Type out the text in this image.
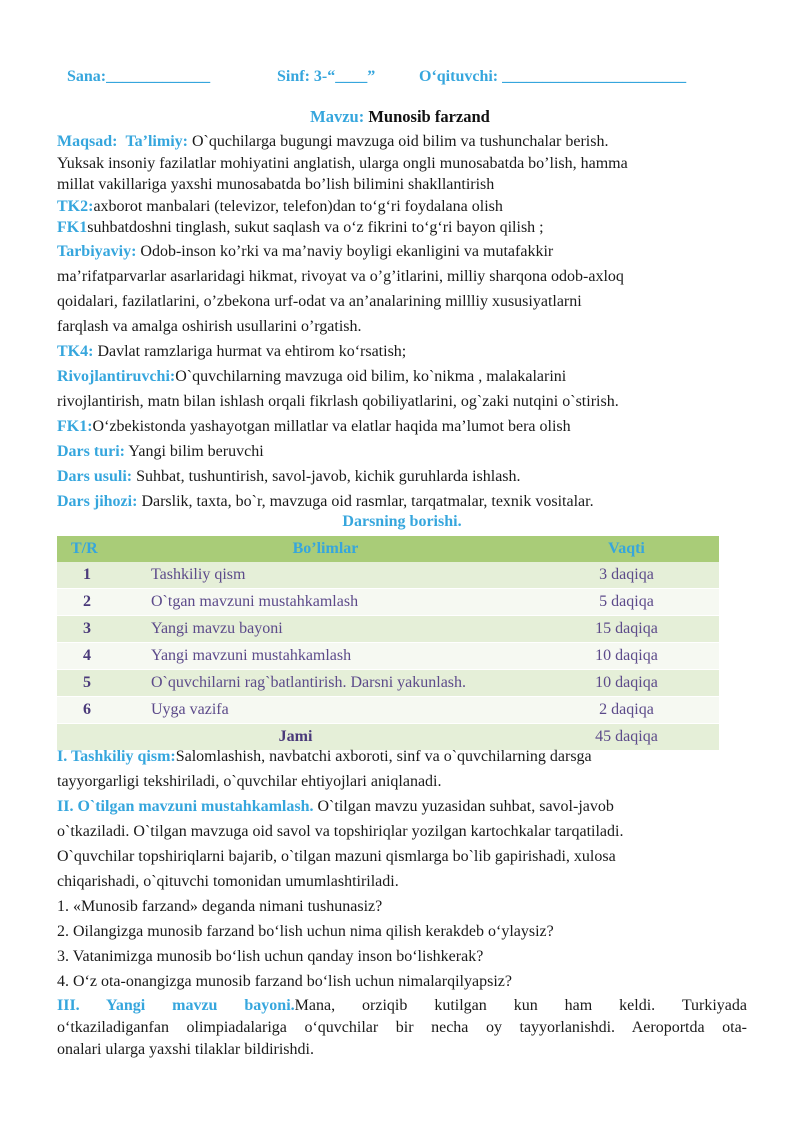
Sana:_____________	Sinf: 3-“____”	O‘qituvchi: _______________________
Mavzu: Munosib farzand
Maqsad: Ta’limiy: O`quchilarga bugungi mavzuga oid bilim va tushunchalar berish.
Yuksak insoniy fazilatlar mohiyatini anglatish, ularga ongli munosabatda bo’lish, hamma
millat vakillariga yaxshi munosabatda bo’lish bilimini shakllantirish
TK2:axborot manbalari (televizor, telefon)dan to‘g‘ri foydalana olish
FK1suhbatdoshni tinglash, sukut saqlash va o‘z fikrini to‘g‘ri bayon qilish ;
Tarbiyaviy: Odob-inson ko’rki va ma’naviy boyligi ekanligini va mutafakkir
ma’rifatparvarlar asarlaridagi hikmat, rivoyat va o’g’itlarini, milliy sharqona odob-axloq
qoidalari, fazilatlarini, o’zbekona urf-odat va an’analarining millliy xususiyatlarni
farqlash va amalga oshirish usullarini o’rgatish.
TK4: Davlat ramzlariga hurmat va ehtirom ko‘rsatish;
Rivojlantiruvchi:O`quvchilarning mavzuga oid bilim, ko`nikma , malakalarini
rivojlantirish, matn bilan ishlash orqali fikrlash qobiliyatlarini, og`zaki nutqini o`stirish.
FK1:O‘zbekistonda yashayotgan millatlar va elatlar haqida ma’lumot bera olish
Dars turi: Yangi bilim beruvchi
Dars usuli: Suhbat, tushuntirish, savol-javob, kichik guruhlarda ishlash.
Dars jihozi: Darslik, taxta, bo`r, mavzuga oid rasmlar, tarqatmalar, texnik vositalar.
Darsning borishi.
T/R	Bo’limlar	Vaqti
1	Tashkiliy qism	3 daqiqa
2	O`tgan mavzuni mustahkamlash	5 daqiqa
3	Yangi mavzu bayoni	15 daqiqa
4	Yangi mavzuni mustahkamlash	10 daqiqa
5	O`quvchilarni rag`batlantirish. Darsni yakunlash.	10 daqiqa
6	Uyga vazifa	2 daqiqa
Jami		45 daqiqa
I. Tashkiliy qism:Salomlashish, navbatchi axboroti, sinf va o`quvchilarning darsga
tayyorgarligi tekshiriladi, o`quvchilar ehtiyojlari aniqlanadi.
II. O`tilgan mavzuni mustahkamlash. O`tilgan mavzu yuzasidan suhbat, savol-javob
o`tkaziladi. O`tilgan mavzuga oid savol va topshiriqlar yozilgan kartochkalar tarqatiladi.
O`quvchilar topshiriqlarni bajarib, o`tilgan mazuni qismlarga bo`lib gapirishadi, xulosa
chiqarishadi, o`qituvchi tomonidan umumlashtiriladi.
1. «Munosib farzand» deganda nimani tushunasiz?
2. Oilangizga munosib farzand bo‘lish uchun nima qilish kerakdeb o‘ylaysiz?
3. Vatanimizga munosib bo‘lish uchun qanday inson bo‘lishkerak?
4. O‘z ota-onangizga munosib farzand bo‘lish uchun nimalarqilyapsiz?
III. Yangi mavzu bayoni.Mana, orziqib kutilgan kun ham keldi. Turkiyada
o‘tkaziladiganfan olimpiadalariga o‘quvchilar bir necha oy tayyorlanishdi. Aeroportda ota-
onalari ularga yaxshi tilaklar bildirishdi.
